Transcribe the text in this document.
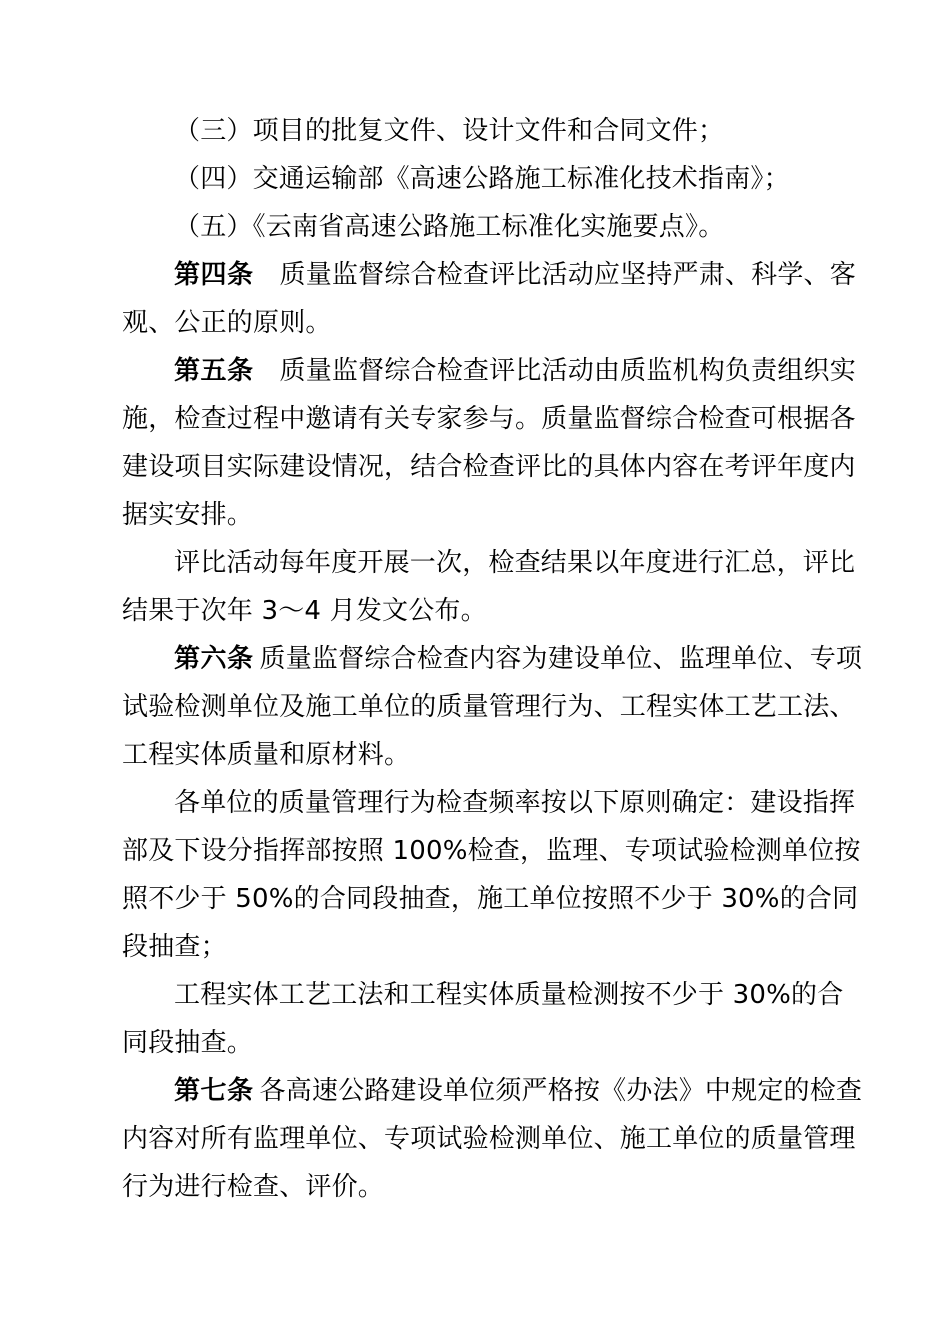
（三）项目的批复文件、设计文件和合同文件；
（四）交通运输部《高速公路施工标准化技术指南》；
（五）《云南省高速公路施工标准化实施要点》。
第四条 质量监督综合检查评比活动应坚持严肃、科学、客
观、公正的原则。
第五条 质量监督综合检查评比活动由质监机构负责组织实
施，检查过程中邀请有关专家参与。质量监督综合检查可根据各
建设项目实际建设情况，结合检查评比的具体内容在考评年度内
据实安排。
评比活动每年度开展一次，检查结果以年度进行汇总，评比
结果于次年 3～4 月发文公布。
第六条 质量监督综合检查内容为建设单位、监理单位、专项
试验检测单位及施工单位的质量管理行为、工程实体工艺工法、
工程实体质量和原材料。
各单位的质量管理行为检查频率按以下原则确定：建设指挥
部及下设分指挥部按照 100%检查，监理、专项试验检测单位按
照不少于 50%的合同段抽查，施工单位按照不少于 30%的合同
段抽查；
工程实体工艺工法和工程实体质量检测按不少于 30%的合
同段抽查。
第七条 各高速公路建设单位须严格按《办法》中规定的检查
内容对所有监理单位、专项试验检测单位、施工单位的质量管理
行为进行检查、评价。
